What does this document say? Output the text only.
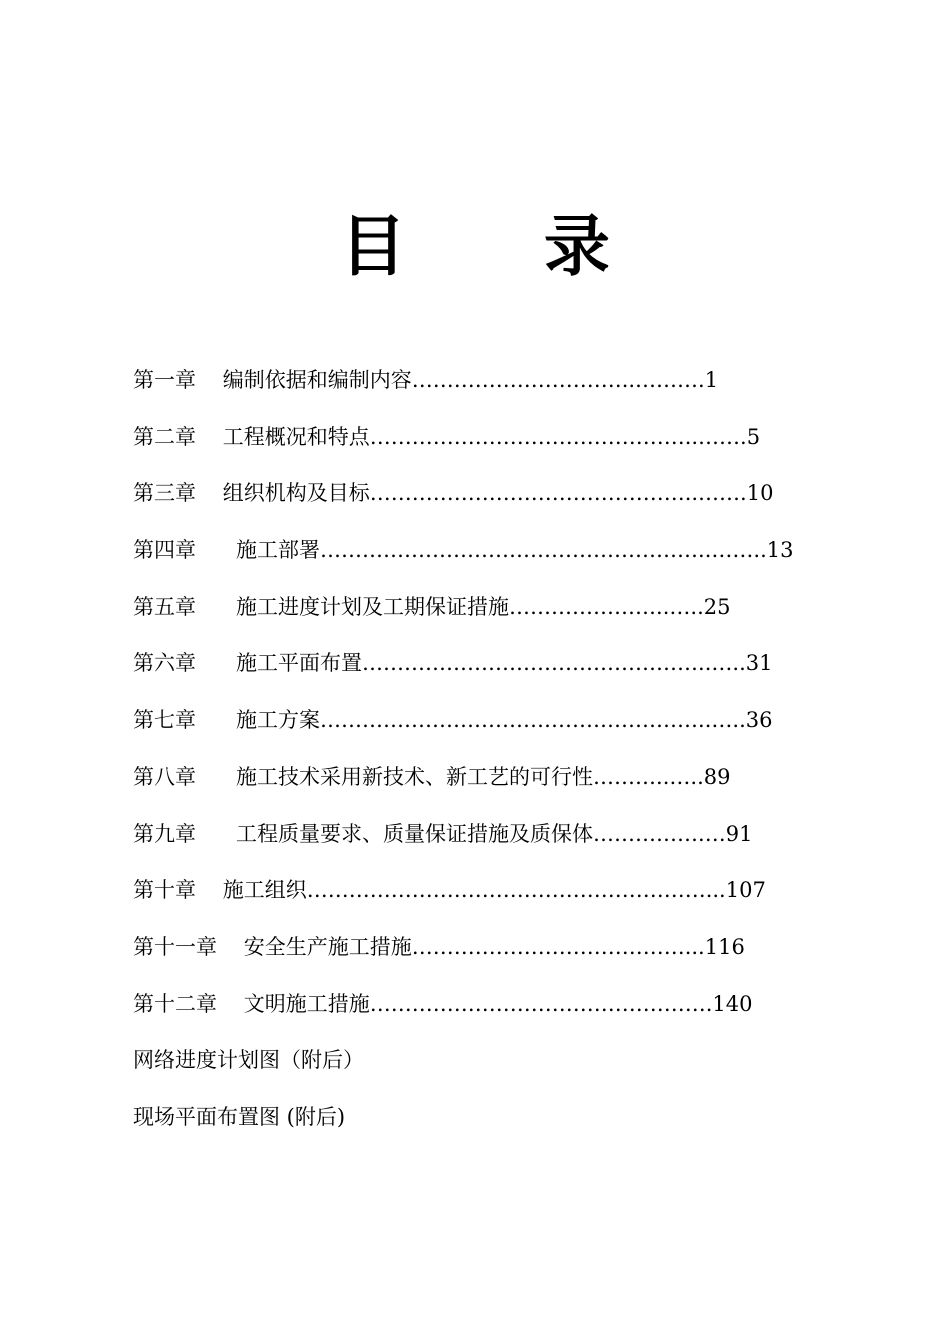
目      录
第一章    编制依据和编制内容…………………………..……….1
第二章    工程概况和特点………………………………………..…….5
第三章    组织机构及目标………………………………………..…….10
第四章      施工部署………………………………………………..……..13
第五章      施工进度计划及工期保证措施…………………..…..25
第六章      施工平面布置…………………………………………..…..31
第七章      施工方案………………………………………………..…..36
第八章      施工技术采用新技术、新工艺的可行性………..…..89
第九章      工程质量要求、质量保证措施及质保体…………….…91
第十章    施工组织…………………………………………………...107
第十一章    安全生产施工措施…………………………………...116
第十二章    文明施工措施………………………………………….140
网络进度计划图（附后）
现场平面布置图 (附后)
